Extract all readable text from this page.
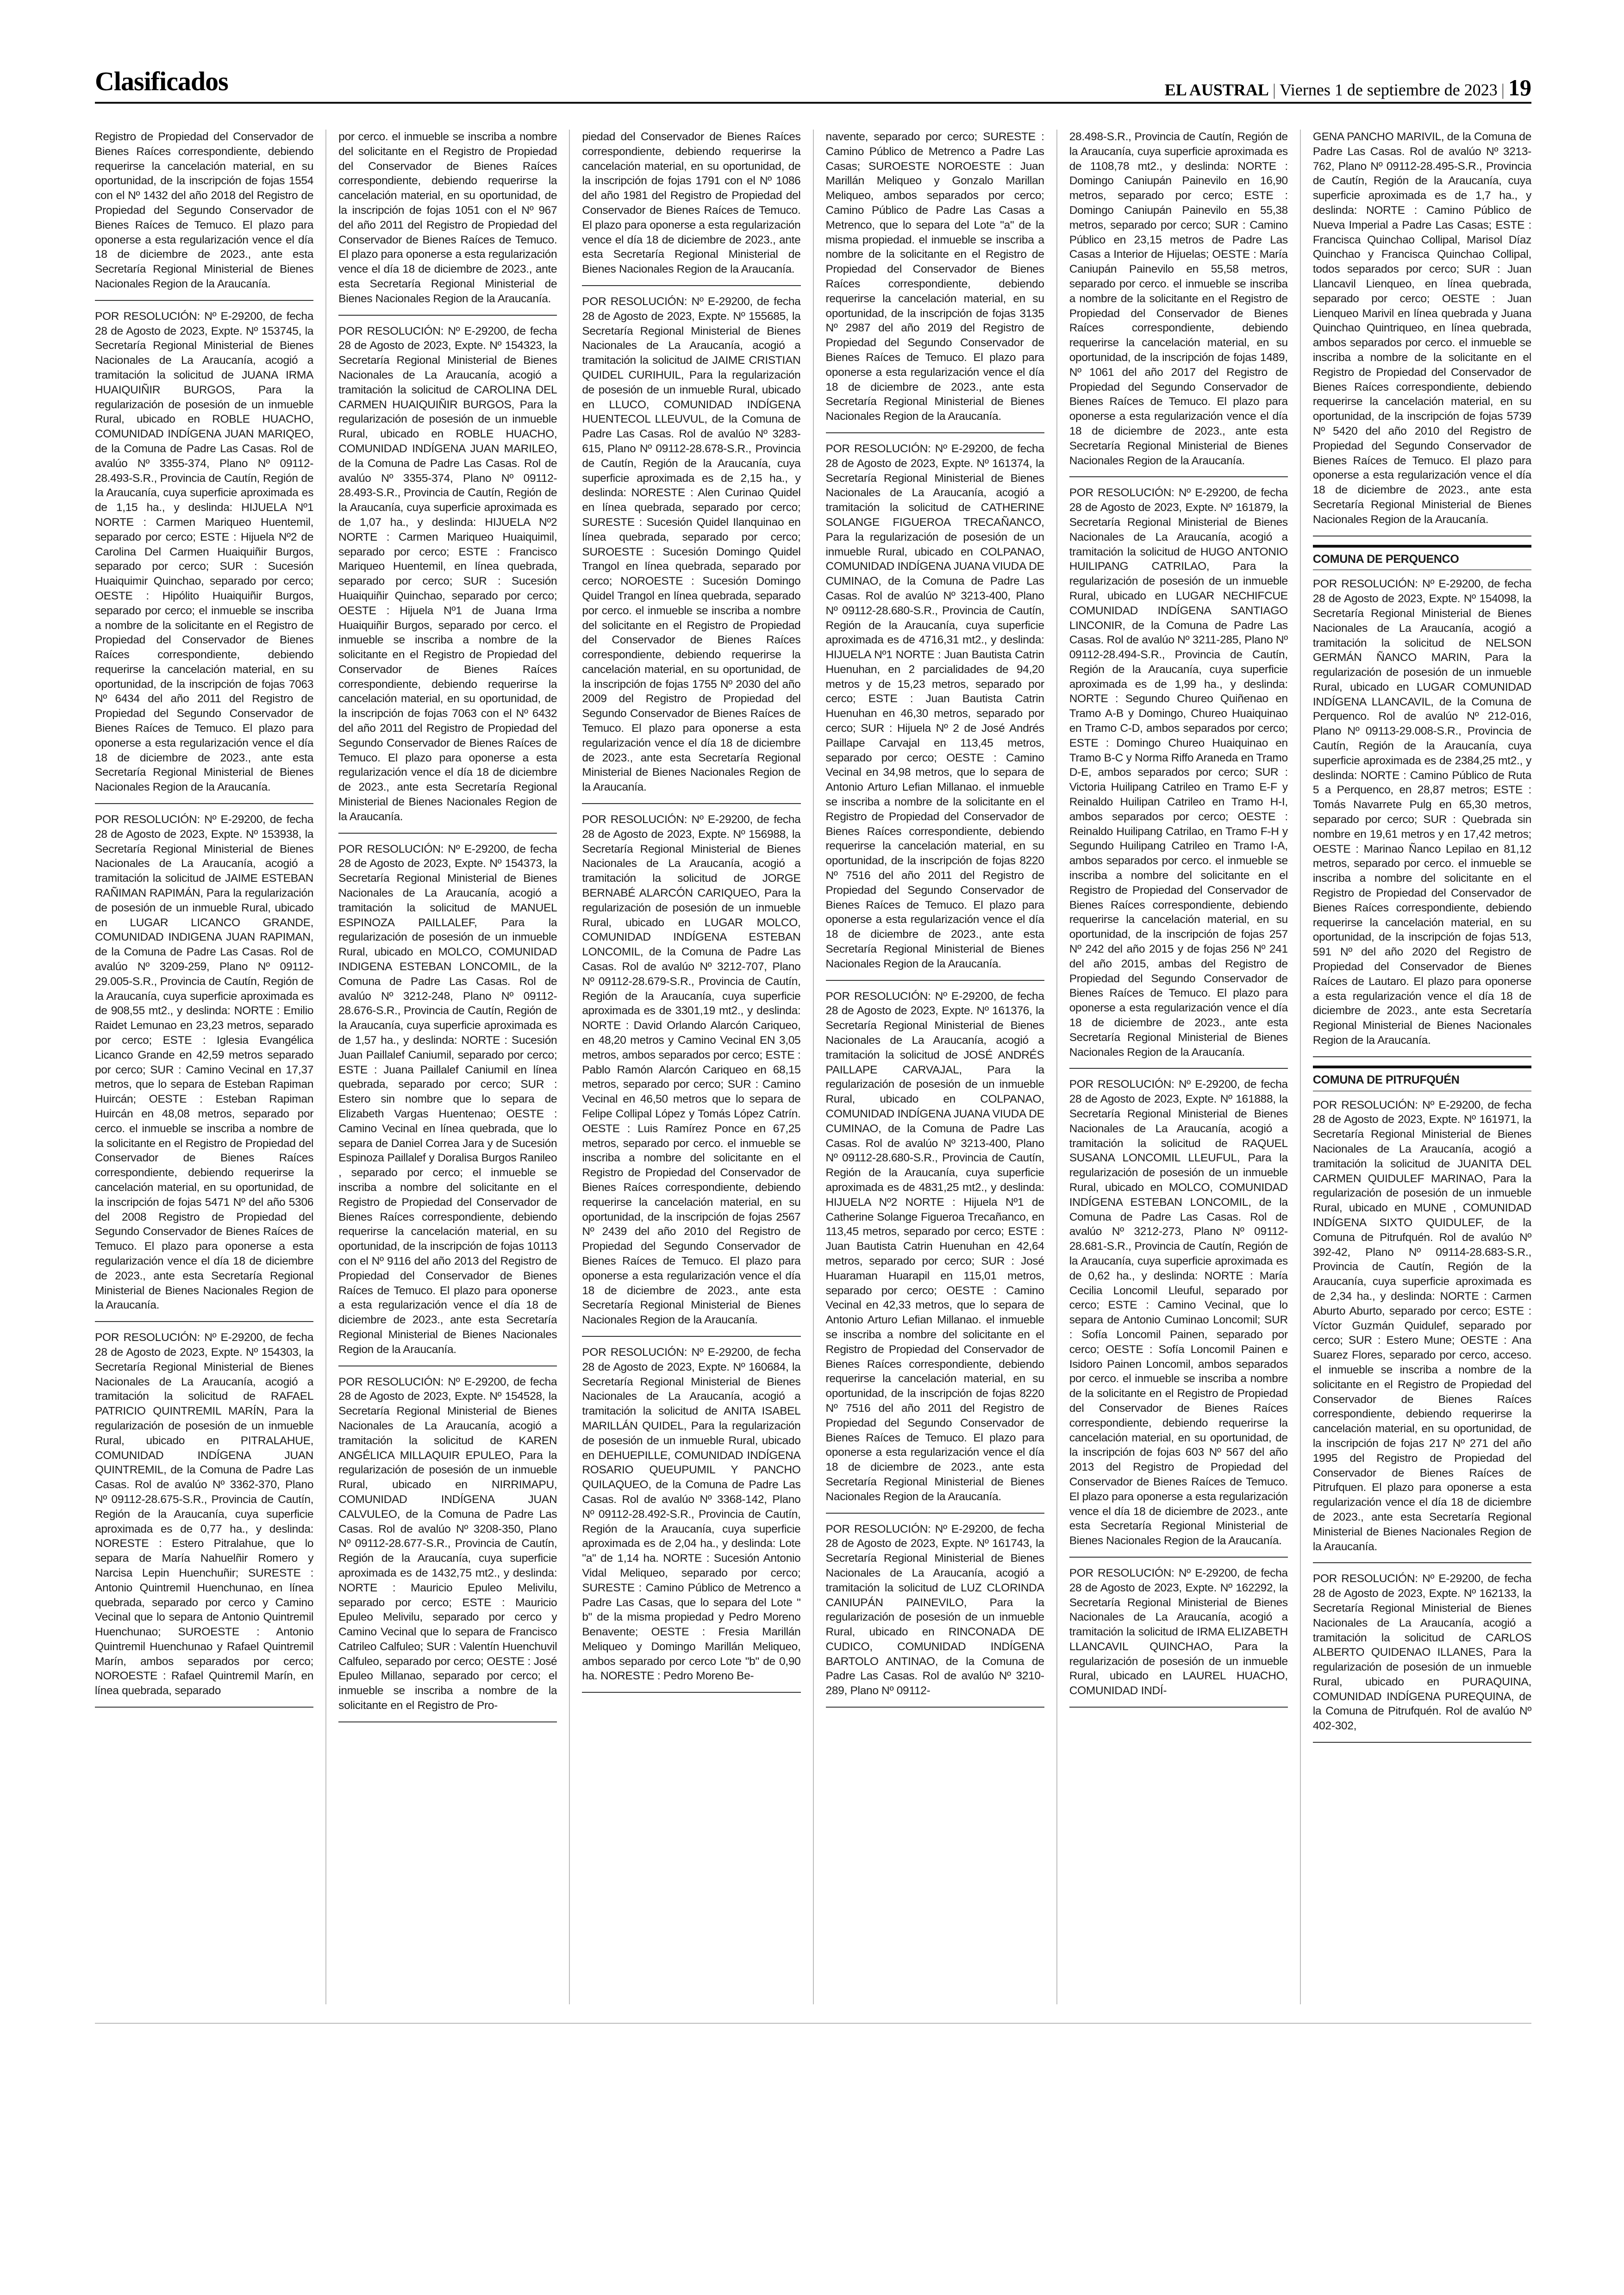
Clasificados	EL AUSTRAL | Viernes 1 de septiembre de 2023 | 19

Registro de Propiedad del Conservador de Bienes Raíces correspondiente, debiendo requerirse la cancelación material, en su oportunidad, de la inscripción de fojas 1554 con el Nº 1432 del año 2018 del Registro de Propiedad del Segundo Conservador de Bienes Raíces de Temuco. El plazo para oponerse a esta regularización vence el día 18 de diciembre de 2023., ante esta Secretaría Regional Ministerial de Bienes Nacionales Region de la Araucanía.

POR RESOLUCIÓN: Nº E-29200, de fecha 28 de Agosto de 2023, Expte. Nº 153745, la Secretaría Regional Ministerial de Bienes Nacionales de La Araucanía, acogió a tramitación la solicitud de JUANA IRMA HUAIQUIÑIR BURGOS, Para la regularización de posesión de un inmueble Rural, ubicado en ROBLE HUACHO, COMUNIDAD INDÍGENA JUAN MARIQEO, de la Comuna de Padre Las Casas. Rol de avalúo Nº 3355-374, Plano Nº 09112-28.493-S.R., Provincia de Cautín, Región de la Araucanía, cuya superficie aproximada es de 1,15 ha., y deslinda: HIJUELA Nº1 NORTE : Carmen Mariqueo Huentemil, separado por cerco; ESTE : Hijuela Nº2 de Carolina Del Carmen Huaiquiñir Burgos, separado por cerco; SUR : Sucesión Huaiquimir Quinchao, separado por cerco; OESTE : Hipólito Huaiquiñir Burgos, separado por cerco; el inmueble se inscriba a nombre de la solicitante en el Registro de Propiedad del Conservador de Bienes Raíces correspondiente, debiendo requerirse la cancelación material, en su oportunidad, de la inscripción de fojas 7063 Nº 6434 del año 2011 del Registro de Propiedad del Segundo Conservador de Bienes Raíces de Temuco. El plazo para oponerse a esta regularización vence el día 18 de diciembre de 2023., ante esta Secretaría Regional Ministerial de Bienes Nacionales Region de la Araucanía.

POR RESOLUCIÓN: Nº E-29200, de fecha 28 de Agosto de 2023, Expte. Nº 153938, la Secretaría Regional Ministerial de Bienes Nacionales de La Araucanía, acogió a tramitación la solicitud de JAIME ESTEBAN RAÑIMAN RAPIMÁN, Para la regularización de posesión de un inmueble Rural, ubicado en LUGAR LICANCO GRANDE, COMUNIDAD INDIGENA JUAN RAPIMAN, de la Comuna de Padre Las Casas. Rol de avalúo Nº 3209-259, Plano Nº 09112-29.005-S.R., Provincia de Cautín, Región de la Araucanía, cuya superficie aproximada es de 908,55 mt2., y deslinda: NORTE : Emilio Raidet Lemunao en 23,23 metros, separado por cerco; ESTE : Iglesia Evangélica Licanco Grande en 42,59 metros separado por cerco; SUR : Camino Vecinal en 17,37 metros, que lo separa de Esteban Rapiman Huircán; OESTE : Esteban Rapiman Huircán en 48,08 metros, separado por cerco. el inmueble se inscriba a nombre de la solicitante en el Registro de Propiedad del Conservador de Bienes Raíces correspondiente, debiendo requerirse la cancelación material, en su oportunidad, de la inscripción de fojas 5471 Nº del año 5306 del 2008 Registro de Propiedad del Segundo Conservador de Bienes Raíces de Temuco. El plazo para oponerse a esta regularización vence el día 18 de diciembre de 2023., ante esta Secretaría Regional Ministerial de Bienes Nacionales Region de la Araucanía.

POR RESOLUCIÓN: Nº E-29200, de fecha 28 de Agosto de 2023, Expte. Nº 154303, la Secretaría Regional Ministerial de Bienes Nacionales de La Araucanía, acogió a tramitación la solicitud de RAFAEL PATRICIO QUINTREMIL MARÍN, Para la regularización de posesión de un inmueble Rural, ubicado en PITRALAHUE, COMUNIDAD INDÍGENA JUAN QUINTREMIL, de la Comuna de Padre Las Casas. Rol de avalúo Nº 3362-370, Plano Nº 09112-28.675-S.R., Provincia de Cautín, Región de la Araucanía, cuya superficie aproximada es de 0,77 ha., y deslinda: NORESTE : Estero Pitralahue, que lo separa de María Nahuelñir Romero y Narcisa Lepin Huenchuñir; SURESTE : Antonio Quintremil Huenchunao, en línea quebrada, separado por cerco y Camino Vecinal que lo separa de Antonio Quintremil Huenchunao; SUROESTE : Antonio Quintremil Huenchunao y Rafael Quintremil Marín, ambos separados por cerco; NOROESTE : Rafael Quintremil Marín, en línea quebrada, separado

por cerco. el inmueble se inscriba a nombre del solicitante en el Registro de Propiedad del Conservador de Bienes Raíces correspondiente, debiendo requerirse la cancelación material, en su oportunidad, de la inscripción de fojas 1051 con el Nº 967 del año 2011 del Registro de Propiedad del Conservador de Bienes Raíces de Temuco. El plazo para oponerse a esta regularización vence el día 18 de diciembre de 2023., ante esta Secretaría Regional Ministerial de Bienes Nacionales Region de la Araucanía.

POR RESOLUCIÓN: Nº E-29200, de fecha 28 de Agosto de 2023, Expte. Nº 154323, la Secretaría Regional Ministerial de Bienes Nacionales de La Araucanía, acogió a tramitación la solicitud de CAROLINA DEL CARMEN HUAIQUIÑIR BURGOS, Para la regularización de posesión de un inmueble Rural, ubicado en ROBLE HUACHO, COMUNIDAD INDÍGENA JUAN MARILEO, de la Comuna de Padre Las Casas. Rol de avalúo Nº 3355-374, Plano Nº 09112-28.493-S.R., Provincia de Cautín, Región de la Araucanía, cuya superficie aproximada es de 1,07 ha., y deslinda: HIJUELA Nº2 NORTE : Carmen Mariqueo Huaiquimil, separado por cerco; ESTE : Francisco Mariqueo Huentemil, en línea quebrada, separado por cerco; SUR : Sucesión Huaiquiñir Quinchao, separado por cerco; OESTE : Hijuela Nº1 de Juana Irma Huaiquiñir Burgos, separado por cerco. el inmueble se inscriba a nombre de la solicitante en el Registro de Propiedad del Conservador de Bienes Raíces correspondiente, debiendo requerirse la cancelación material, en su oportunidad, de la inscripción de fojas 7063 con el Nº 6432 del año 2011 del Registro de Propiedad del Segundo Conservador de Bienes Raíces de Temuco. El plazo para oponerse a esta regularización vence el día 18 de diciembre de 2023., ante esta Secretaría Regional Ministerial de Bienes Nacionales Region de la Araucanía.

POR RESOLUCIÓN: Nº E-29200, de fecha 28 de Agosto de 2023, Expte. Nº 154373, la Secretaría Regional Ministerial de Bienes Nacionales de La Araucanía, acogió a tramitación la solicitud de MANUEL ESPINOZA PAILLALEF, Para la regularización de posesión de un inmueble Rural, ubicado en MOLCO, COMUNIDAD INDIGENA ESTEBAN LONCOMIL, de la Comuna de Padre Las Casas. Rol de avalúo Nº 3212-248, Plano Nº 09112-28.676-S.R., Provincia de Cautín, Región de la Araucanía, cuya superficie aproximada es de 1,57 ha., y deslinda: NORTE : Sucesión Juan Paillalef Caniumil, separado por cerco; ESTE : Juana Paillalef Caniumil en línea quebrada, separado por cerco; SUR : Estero sin nombre que lo separa de Elizabeth Vargas Huentenao; OESTE : Camino Vecinal en línea quebrada, que lo separa de Daniel Correa Jara y de Sucesión Espinoza Paillalef y Doralisa Burgos Ranileo , separado por cerco; el inmueble se inscriba a nombre del solicitante en el Registro de Propiedad del Conservador de Bienes Raíces correspondiente, debiendo requerirse la cancelación material, en su oportunidad, de la inscripción de fojas 10113 con el Nº 9116 del año 2013 del Registro de Propiedad del Conservador de Bienes Raíces de Temuco. El plazo para oponerse a esta regularización vence el día 18 de diciembre de 2023., ante esta Secretaría Regional Ministerial de Bienes Nacionales Region de la Araucanía.

POR RESOLUCIÓN: Nº E-29200, de fecha 28 de Agosto de 2023, Expte. Nº 154528, la Secretaría Regional Ministerial de Bienes Nacionales de La Araucanía, acogió a tramitación la solicitud de KAREN ANGÉLICA MILLAQUIR EPULEO, Para la regularización de posesión de un inmueble Rural, ubicado en NIRRIMAPU, COMUNIDAD INDÍGENA JUAN CALVULEO, de la Comuna de Padre Las Casas. Rol de avalúo Nº 3208-350, Plano Nº 09112-28.677-S.R., Provincia de Cautín, Región de la Araucanía, cuya superficie aproximada es de 1432,75 mt2., y deslinda: NORTE : Mauricio Epuleo Melivilu, separado por cerco; ESTE : Mauricio Epuleo Melivilu, separado por cerco y Camino Vecinal que lo separa de Francisco Catrileo Calfuleo; SUR : Valentín Huenchuvil Calfuleo, separado por cerco; OESTE : José Epuleo Millanao, separado por cerco; el inmueble se inscriba a nombre de la solicitante en el Registro de Pro-

piedad del Conservador de Bienes Raíces correspondiente, debiendo requerirse la cancelación material, en su oportunidad, de la inscripción de fojas 1791 con el Nº 1086 del año 1981 del Registro de Propiedad del Conservador de Bienes Raíces de Temuco. El plazo para oponerse a esta regularización vence el día 18 de diciembre de 2023., ante esta Secretaría Regional Ministerial de Bienes Nacionales Region de la Araucanía.

POR RESOLUCIÓN: Nº E-29200, de fecha 28 de Agosto de 2023, Expte. Nº 155685, la Secretaría Regional Ministerial de Bienes Nacionales de La Araucanía, acogió a tramitación la solicitud de JAIME CRISTIAN QUIDEL CURIHUIL, Para la regularización de posesión de un inmueble Rural, ubicado en LLUCO, COMUNIDAD INDÍGENA HUENTECOL LLEUVUL, de la Comuna de Padre Las Casas. Rol de avalúo Nº 3283-615, Plano Nº 09112-28.678-S.R., Provincia de Cautín, Región de la Araucanía, cuya superficie aproximada es de 2,15 ha., y deslinda: NORESTE : Alen Curinao Quidel en línea quebrada, separado por cerco; SURESTE : Sucesión Quidel Ilanquinao en línea quebrada, separado por cerco; SUROESTE : Sucesión Domingo Quidel Trangol en línea quebrada, separado por cerco; NOROESTE : Sucesión Domingo Quidel Trangol en línea quebrada, separado por cerco. el inmueble se inscriba a nombre del solicitante en el Registro de Propiedad del Conservador de Bienes Raíces correspondiente, debiendo requerirse la cancelación material, en su oportunidad, de la inscripción de fojas 1755 Nº 2030 del año 2009 del Registro de Propiedad del Segundo Conservador de Bienes Raíces de Temuco. El plazo para oponerse a esta regularización vence el día 18 de diciembre de 2023., ante esta Secretaría Regional Ministerial de Bienes Nacionales Region de la Araucanía.

POR RESOLUCIÓN: Nº E-29200, de fecha 28 de Agosto de 2023, Expte. Nº 156988, la Secretaría Regional Ministerial de Bienes Nacionales de La Araucanía, acogió a tramitación la solicitud de JORGE BERNABÉ ALARCÓN CARIQUEO, Para la regularización de posesión de un inmueble Rural, ubicado en LUGAR MOLCO, COMUNIDAD INDÍGENA ESTEBAN LONCOMIL, de la Comuna de Padre Las Casas. Rol de avalúo Nº 3212-707, Plano Nº 09112-28.679-S.R., Provincia de Cautín, Región de la Araucanía, cuya superficie aproximada es de 3301,19 mt2., y deslinda: NORTE : David Orlando Alarcón Cariqueo, en 48,20 metros y Camino Vecinal EN 3,05 metros, ambos separados por cerco; ESTE : Pablo Ramón Alarcón Cariqueo en 68,15 metros, separado por cerco; SUR : Camino Vecinal en 46,50 metros que lo separa de Felipe Collipal López y Tomás López Catrín. OESTE : Luis Ramírez Ponce en 67,25 metros, separado por cerco. el inmueble se inscriba a nombre del solicitante en el Registro de Propiedad del Conservador de Bienes Raíces correspondiente, debiendo requerirse la cancelación material, en su oportunidad, de la inscripción de fojas 2567 Nº 2439 del año 2010 del Registro de Propiedad del Segundo Conservador de Bienes Raíces de Temuco. El plazo para oponerse a esta regularización vence el día 18 de diciembre de 2023., ante esta Secretaría Regional Ministerial de Bienes Nacionales Region de la Araucanía.

POR RESOLUCIÓN: Nº E-29200, de fecha 28 de Agosto de 2023, Expte. Nº 160684, la Secretaría Regional Ministerial de Bienes Nacionales de La Araucanía, acogió a tramitación la solicitud de ANITA ISABEL MARILLÁN QUIDEL, Para la regularización de posesión de un inmueble Rural, ubicado en DEHUEPILLE, COMUNIDAD INDÍGENA ROSARIO QUEUPUMIL Y PANCHO QUILAQUEO, de la Comuna de Padre Las Casas. Rol de avalúo Nº 3368-142, Plano Nº 09112-28.492-S.R., Provincia de Cautín, Región de la Araucanía, cuya superficie aproximada es de 2,04 ha., y deslinda: Lote "a" de 1,14 ha. NORTE : Sucesión Antonio Vidal Meliqueo, separado por cerco; SURESTE : Camino Público de Metrenco a Padre Las Casas, que lo separa del Lote " b" de la misma propiedad y Pedro Moreno Benavente; OESTE : Fresia Marillán Meliqueo y Domingo Marillán Meliqueo, ambos separado por cerco Lote "b" de 0,90 ha. NORESTE : Pedro Moreno Be-

navente, separado por cerco; SURESTE : Camino Público de Metrenco a Padre Las Casas; SUROESTE NOROESTE : Juan Marillán Meliqueo y Gonzalo Marillan Meliqueo, ambos separados por cerco; Camino Público de Padre Las Casas a Metrenco, que lo separa del Lote "a" de la misma propiedad. el inmueble se inscriba a nombre de la solicitante en el Registro de Propiedad del Conservador de Bienes Raíces correspondiente, debiendo requerirse la cancelación material, en su oportunidad, de la inscripción de fojas 3135 Nº 2987 del año 2019 del Registro de Propiedad del Segundo Conservador de Bienes Raíces de Temuco. El plazo para oponerse a esta regularización vence el día 18 de diciembre de 2023., ante esta Secretaría Regional Ministerial de Bienes Nacionales Region de la Araucanía.

POR RESOLUCIÓN: Nº E-29200, de fecha 28 de Agosto de 2023, Expte. Nº 161374, la Secretaría Regional Ministerial de Bienes Nacionales de La Araucanía, acogió a tramitación la solicitud de CATHERINE SOLANGE FIGUEROA TRECAÑANCO, Para la regularización de posesión de un inmueble Rural, ubicado en COLPANAO, COMUNIDAD INDÍGENA JUANA VIUDA DE CUMINAO, de la Comuna de Padre Las Casas. Rol de avalúo Nº 3213-400, Plano Nº 09112-28.680-S.R., Provincia de Cautín, Región de la Araucanía, cuya superficie aproximada es de 4716,31 mt2., y deslinda: HIJUELA Nº1 NORTE : Juan Bautista Catrin Huenuhan, en 2 parcialidades de 94,20 metros y de 15,23 metros, separado por cerco; ESTE : Juan Bautista Catrin Huenuhan en 46,30 metros, separado por cerco; SUR : Hijuela Nº 2 de José Andrés Paillape Carvajal en 113,45 metros, separado por cerco; OESTE : Camino Vecinal en 34,98 metros, que lo separa de Antonio Arturo Lefian Millanao. el inmueble se inscriba a nombre de la solicitante en el Registro de Propiedad del Conservador de Bienes Raíces correspondiente, debiendo requerirse la cancelación material, en su oportunidad, de la inscripción de fojas 8220 Nº 7516 del año 2011 del Registro de Propiedad del Segundo Conservador de Bienes Raíces de Temuco. El plazo para oponerse a esta regularización vence el día 18 de diciembre de 2023., ante esta Secretaría Regional Ministerial de Bienes Nacionales Region de la Araucanía.

POR RESOLUCIÓN: Nº E-29200, de fecha 28 de Agosto de 2023, Expte. Nº 161376, la Secretaría Regional Ministerial de Bienes Nacionales de La Araucanía, acogió a tramitación la solicitud de JOSÉ ANDRÉS PAILLAPE CARVAJAL, Para la regularización de posesión de un inmueble Rural, ubicado en COLPANAO, COMUNIDAD INDÍGENA JUANA VIUDA DE CUMINAO, de la Comuna de Padre Las Casas. Rol de avalúo Nº 3213-400, Plano Nº 09112-28.680-S.R., Provincia de Cautín, Región de la Araucanía, cuya superficie aproximada es de 4831,25 mt2., y deslinda: HIJUELA Nº2 NORTE : Hijuela Nº1 de Catherine Solange Figueroa Trecañanco, en 113,45 metros, separado por cerco; ESTE : Juan Bautista Catrin Huenuhan en 42,64 metros, separado por cerco; SUR : José Huaraman Huarapil en 115,01 metros, separado por cerco; OESTE : Camino Vecinal en 42,33 metros, que lo separa de Antonio Arturo Lefian Millanao. el inmueble se inscriba a nombre del solicitante en el Registro de Propiedad del Conservador de Bienes Raíces correspondiente, debiendo requerirse la cancelación material, en su oportunidad, de la inscripción de fojas 8220 Nº 7516 del año 2011 del Registro de Propiedad del Segundo Conservador de Bienes Raíces de Temuco. El plazo para oponerse a esta regularización vence el día 18 de diciembre de 2023., ante esta Secretaría Regional Ministerial de Bienes Nacionales Region de la Araucanía.

POR RESOLUCIÓN: Nº E-29200, de fecha 28 de Agosto de 2023, Expte. Nº 161743, la Secretaría Regional Ministerial de Bienes Nacionales de La Araucanía, acogió a tramitación la solicitud de LUZ CLORINDA CANIUPÁN PAINEVILO, Para la regularización de posesión de un inmueble Rural, ubicado en RINCONADA DE CUDICO, COMUNIDAD INDÍGENA BARTOLO ANTINAO, de la Comuna de Padre Las Casas. Rol de avalúo Nº 3210-289, Plano Nº 09112-

28.498-S.R., Provincia de Cautín, Región de la Araucanía, cuya superficie aproximada es de 1108,78 mt2., y deslinda: NORTE : Domingo Caniupán Painevilo en 16,90 metros, separado por cerco; ESTE : Domingo Caniupán Painevilo en 55,38 metros, separado por cerco; SUR : Camino Público en 23,15 metros de Padre Las Casas a Interior de Hijuelas; OESTE : María Caniupán Painevilo en 55,58 metros, separado por cerco. el inmueble se inscriba a nombre de la solicitante en el Registro de Propiedad del Conservador de Bienes Raíces correspondiente, debiendo requerirse la cancelación material, en su oportunidad, de la inscripción de fojas 1489, Nº 1061 del año 2017 del Registro de Propiedad del Segundo Conservador de Bienes Raíces de Temuco. El plazo para oponerse a esta regularización vence el día 18 de diciembre de 2023., ante esta Secretaría Regional Ministerial de Bienes Nacionales Region de la Araucanía.

POR RESOLUCIÓN: Nº E-29200, de fecha 28 de Agosto de 2023, Expte. Nº 161879, la Secretaría Regional Ministerial de Bienes Nacionales de La Araucanía, acogió a tramitación la solicitud de HUGO ANTONIO HUILIPANG CATRILAO, Para la regularización de posesión de un inmueble Rural, ubicado en LUGAR NECHIFCUE COMUNIDAD INDÍGENA SANTIAGO LINCONIR, de la Comuna de Padre Las Casas. Rol de avalúo Nº 3211-285, Plano Nº 09112-28.494-S.R., Provincia de Cautín, Región de la Araucanía, cuya superficie aproximada es de 1,99 ha., y deslinda: NORTE : Segundo Chureo Quiñenao en Tramo A-B y Domingo, Chureo Huaiquinao en Tramo C-D, ambos separados por cerco; ESTE : Domingo Chureo Huaiquinao en Tramo B-C y Norma Riffo Araneda en Tramo D-E, ambos separados por cerco; SUR : Victoria Huilipang Catrileo en Tramo E-F y Reinaldo Huilipan Catrileo en Tramo H-I, ambos separados por cerco; OESTE : Reinaldo Huilipang Catrilao, en Tramo F-H y Segundo Huilipang Catrileo en Tramo I-A, ambos separados por cerco. el inmueble se inscriba a nombre del solicitante en el Registro de Propiedad del Conservador de Bienes Raíces correspondiente, debiendo requerirse la cancelación material, en su oportunidad, de la inscripción de fojas 257 Nº 242 del año 2015 y de fojas 256 Nº 241 del año 2015, ambas del Registro de Propiedad del Segundo Conservador de Bienes Raíces de Temuco. El plazo para oponerse a esta regularización vence el día 18 de diciembre de 2023., ante esta Secretaría Regional Ministerial de Bienes Nacionales Region de la Araucanía.

POR RESOLUCIÓN: Nº E-29200, de fecha 28 de Agosto de 2023, Expte. Nº 161888, la Secretaría Regional Ministerial de Bienes Nacionales de La Araucanía, acogió a tramitación la solicitud de RAQUEL SUSANA LONCOMIL LLEUFUL, Para la regularización de posesión de un inmueble Rural, ubicado en MOLCO, COMUNIDAD INDÍGENA ESTEBAN LONCOMIL, de la Comuna de Padre Las Casas. Rol de avalúo Nº 3212-273, Plano Nº 09112-28.681-S.R., Provincia de Cautín, Región de la Araucanía, cuya superficie aproximada es de 0,62 ha., y deslinda: NORTE : María Cecilia Loncomil Lleuful, separado por cerco; ESTE : Camino Vecinal, que lo separa de Antonio Cuminao Loncomil; SUR : Sofía Loncomil Painen, separado por cerco; OESTE : Sofía Loncomil Painen e Isidoro Painen Loncomil, ambos separados por cerco. el inmueble se inscriba a nombre de la solicitante en el Registro de Propiedad del Conservador de Bienes Raíces correspondiente, debiendo requerirse la cancelación material, en su oportunidad, de la inscripción de fojas 603 Nº 567 del año 2013 del Registro de Propiedad del Conservador de Bienes Raíces de Temuco. El plazo para oponerse a esta regularización vence el día 18 de diciembre de 2023., ante esta Secretaría Regional Ministerial de Bienes Nacionales Region de la Araucanía.

POR RESOLUCIÓN: Nº E-29200, de fecha 28 de Agosto de 2023, Expte. Nº 162292, la Secretaría Regional Ministerial de Bienes Nacionales de La Araucanía, acogió a tramitación la solicitud de IRMA ELIZABETH LLANCAVIL QUINCHAO, Para la regularización de posesión de un inmueble Rural, ubicado en LAUREL HUACHO, COMUNIDAD INDÍ-

GENA PANCHO MARIVIL, de la Comuna de Padre Las Casas. Rol de avalúo Nº 3213-762, Plano Nº 09112-28.495-S.R., Provincia de Cautín, Región de la Araucanía, cuya superficie aproximada es de 1,7 ha., y deslinda: NORTE : Camino Público de Nueva Imperial a Padre Las Casas; ESTE : Francisca Quinchao Collipal, Marisol Díaz Quinchao y Francisca Quinchao Collipal, todos separados por cerco; SUR : Juan Llancavil Lienqueo, en línea quebrada, separado por cerco; OESTE : Juan Lienqueo Marivil en línea quebrada y Juana Quinchao Quintriqueo, en línea quebrada, ambos separados por cerco. el inmueble se inscriba a nombre de la solicitante en el Registro de Propiedad del Conservador de Bienes Raíces correspondiente, debiendo requerirse la cancelación material, en su oportunidad, de la inscripción de fojas 5739 Nº 5420 del año 2010 del Registro de Propiedad del Segundo Conservador de Bienes Raíces de Temuco. El plazo para oponerse a esta regularización vence el día 18 de diciembre de 2023., ante esta Secretaría Regional Ministerial de Bienes Nacionales Region de la Araucanía.

COMUNA DE PERQUENCO

POR RESOLUCIÓN: Nº E-29200, de fecha 28 de Agosto de 2023, Expte. Nº 154098, la Secretaría Regional Ministerial de Bienes Nacionales de La Araucanía, acogió a tramitación la solicitud de NELSON GERMÁN ÑANCO MARIN, Para la regularización de posesión de un inmueble Rural, ubicado en LUGAR COMUNIDAD INDÍGENA LLANCAVIL, de la Comuna de Perquenco. Rol de avalúo Nº 212-016, Plano Nº 09113-29.008-S.R., Provincia de Cautín, Región de la Araucanía, cuya superficie aproximada es de 2384,25 mt2., y deslinda: NORTE : Camino Público de Ruta 5 a Perquenco, en 28,87 metros; ESTE : Tomás Navarrete Pulg en 65,30 metros, separado por cerco; SUR : Quebrada sin nombre en 19,61 metros y en 17,42 metros; OESTE : Marinao Ñanco Lepilao en 81,12 metros, separado por cerco. el inmueble se inscriba a nombre del solicitante en el Registro de Propiedad del Conservador de Bienes Raíces correspondiente, debiendo requerirse la cancelación material, en su oportunidad, de la inscripción de fojas 513, 591 Nº del año 2020 del Registro de Propiedad del Conservador de Bienes Raíces de Lautaro. El plazo para oponerse a esta regularización vence el día 18 de diciembre de 2023., ante esta Secretaría Regional Ministerial de Bienes Nacionales Region de la Araucanía.

COMUNA DE PITRUFQUÉN

POR RESOLUCIÓN: Nº E-29200, de fecha 28 de Agosto de 2023, Expte. Nº 161971, la Secretaría Regional Ministerial de Bienes Nacionales de La Araucanía, acogió a tramitación la solicitud de JUANITA DEL CARMEN QUIDULEF MARINAO, Para la regularización de posesión de un inmueble Rural, ubicado en MUNE , COMUNIDAD INDÍGENA SIXTO QUIDULEF, de la Comuna de Pitrufquén. Rol de avalúo Nº 392-42, Plano Nº 09114-28.683-S.R., Provincia de Cautín, Región de la Araucanía, cuya superficie aproximada es de 2,34 ha., y deslinda: NORTE : Carmen Aburto Aburto, separado por cerco; ESTE : Víctor Guzmán Quidulef, separado por cerco; SUR : Estero Mune; OESTE : Ana Suarez Flores, separado por cerco, acceso. el inmueble se inscriba a nombre de la solicitante en el Registro de Propiedad del Conservador de Bienes Raíces correspondiente, debiendo requerirse la cancelación material, en su oportunidad, de la inscripción de fojas 217 Nº 271 del año 1995 del Registro de Propiedad del Conservador de Bienes Raíces de Pitrufquen. El plazo para oponerse a esta regularización vence el día 18 de diciembre de 2023., ante esta Secretaría Regional Ministerial de Bienes Nacionales Region de la Araucanía.

POR RESOLUCIÓN: Nº E-29200, de fecha 28 de Agosto de 2023, Expte. Nº 162133, la Secretaría Regional Ministerial de Bienes Nacionales de La Araucanía, acogió a tramitación la solicitud de CARLOS ALBERTO QUIDENAO ILLANES, Para la regularización de posesión de un inmueble Rural, ubicado en PURAQUINA, COMUNIDAD INDÍGENA PUREQUINA, de la Comuna de Pitrufquén. Rol de avalúo Nº 402-302,
